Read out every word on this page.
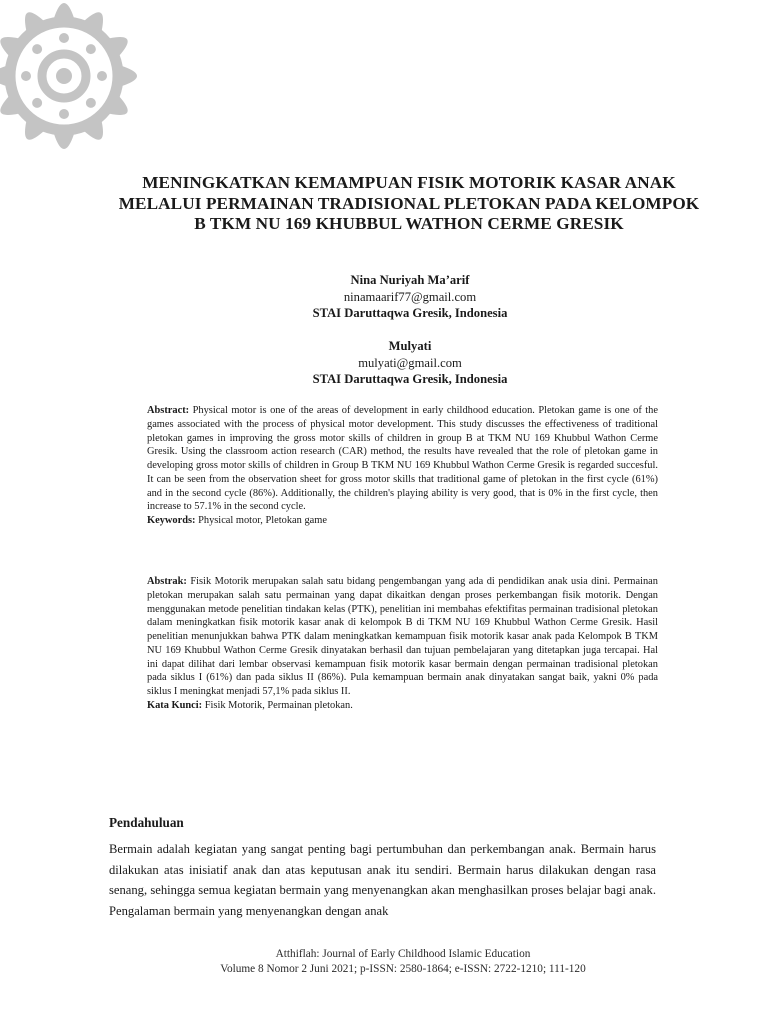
MENINGKATKAN KEMAMPUAN FISIK MOTORIK KASAR ANAK MELALUI PERMAINAN TRADISIONAL PLETOKAN PADA KELOMPOK B TKM NU 169 KHUBBUL WATHON CERME GRESIK
Nina Nuriyah Ma’arif
ninamaarif77@gmail.com
STAI Daruttaqwa Gresik, Indonesia
Mulyati
mulyati@gmail.com
STAI Daruttaqwa Gresik, Indonesia
Abstract: Physical motor is one of the areas of development in early childhood education. Pletokan game is one of the games associated with the process of physical motor development. This study discusses the effectiveness of traditional pletokan games in improving the gross motor skills of children in group B at TKM NU 169 Khubbul Wathon Cerme Gresik. Using the classroom action research (CAR) method, the results have revealed that the role of pletokan game in developing gross motor skills of children in Group B TKM NU 169 Khubbul Wathon Cerme Gresik is regarded succesful. It can be seen from the observation sheet for gross motor skills that traditional game of pletokan in the first cycle (61%) and in the second cycle (86%). Additionally, the children's playing ability is very good, that is 0% in the first cycle, then increase to 57.1% in the second cycle.
Keywords: Physical motor, Pletokan game
Abstrak: Fisik Motorik merupakan salah satu bidang pengembangan yang ada di pendidikan anak usia dini. Permainan pletokan merupakan salah satu permainan yang dapat dikaitkan dengan proses perkembangan fisik motorik. Dengan menggunakan metode penelitian tindakan kelas (PTK), penelitian ini membahas efektifitas permainan tradisional pletokan dalam meningkatkan fisik motorik kasar anak di kelompok B di TKM NU 169 Khubbul Wathon Cerme Gresik. Hasil penelitian menunjukkan bahwa PTK dalam meningkatkan kemampuan fisik motorik kasar anak pada Kelompok B TKM NU 169 Khubbul Wathon Cerme Gresik dinyatakan berhasil dan tujuan pembelajaran yang ditetapkan juga tercapai. Hal ini dapat dilihat dari lembar observasi kemampuan fisik motorik kasar bermain dengan permainan tradisional pletokan pada siklus I (61%) dan pada siklus II (86%). Pula kemampuan bermain anak dinyatakan sangat baik, yakni 0% pada siklus I meningkat menjadi 57,1% pada siklus II.
Kata Kunci: Fisik Motorik, Permainan pletokan.
Pendahuluan
Bermain adalah kegiatan yang sangat penting bagi pertumbuhan dan perkembangan anak. Bermain harus dilakukan atas inisiatif anak dan atas keputusan anak itu sendiri. Bermain harus dilakukan dengan rasa senang, sehingga semua kegiatan bermain yang menyenangkan akan menghasilkan proses belajar bagi anak. Pengalaman bermain yang menyenangkan dengan anak
Atthiflah: Journal of Early Childhood Islamic Education
Volume 8 Nomor 2 Juni 2021; p-ISSN: 2580-1864; e-ISSN: 2722-1210; 111-120
